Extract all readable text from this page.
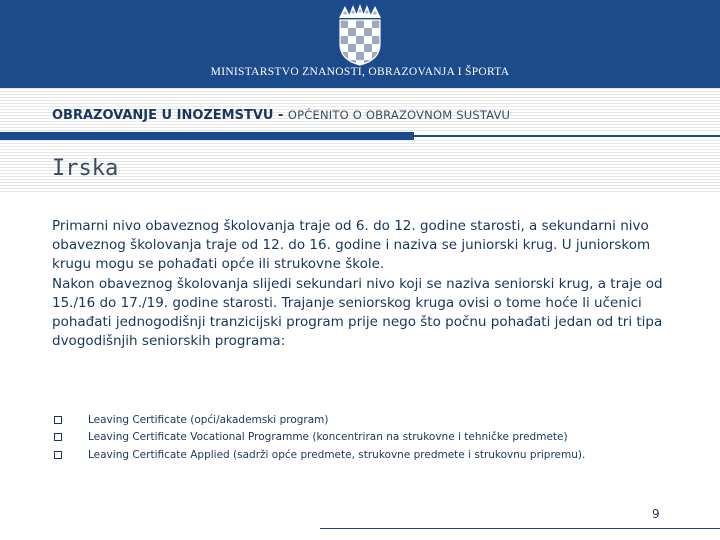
MINISTARSTVO ZNANOSTI, OBRAZOVANJA I ŠPORTA
OBRAZOVANJE U INOZEMSTVU - OPĆENITO O OBRAZOVNOM SUSTAVU
Irska

Primarni nivo obaveznog školovanja traje od 6. do 12. godine starosti, a sekundarni nivo obaveznog školovanja traje od 12. do 16. godine i naziva se juniorski krug. U juniorskom krugu mogu se pohađati opće ili strukovne škole.

Nakon obaveznog školovanja slijedi sekundari nivo koji se naziva seniorski krug, a traje od 15./16 do 17./19. godine starosti. Trajanje seniorskog kruga ovisi o tome hoće li učenici pohađati jednogodišnji tranzicijski program prije nego što počnu pohađati jedan od tri tipa dvogodišnjih seniorskih programa:

Leaving Certificate (opći/akademski program)
Leaving Certificate Vocational Programme (koncentriran na strukovne i tehničke predmete)
Leaving Certificate Applied (sadrži opće predmete, strukovne predmete i strukovnu pripremu).
9
